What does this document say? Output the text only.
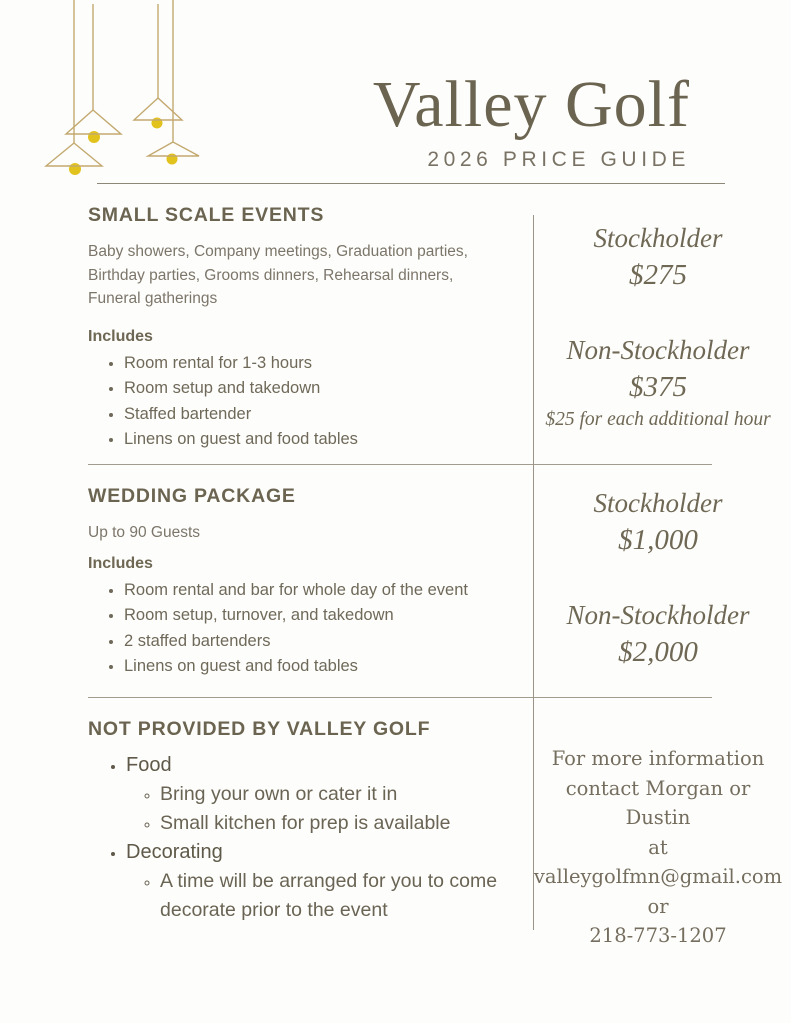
Valley Golf
2026 PRICE GUIDE
SMALL SCALE EVENTS

Baby showers, Company meetings, Graduation parties, Birthday parties, Grooms dinners, Rehearsal dinners, Funeral gatherings

Includes
• Room rental for 1-3 hours
• Room setup and takedown
• Staffed bartender
• Linens on guest and food tables
Stockholder
$275
Non-Stockholder
$375
$25 for each additional hour
WEDDING PACKAGE

Up to 90 Guests

Includes
• Room rental and bar for whole day of the event
• Room setup, turnover, and takedown
• 2 staffed bartenders
• Linens on guest and food tables
Stockholder
$1,000
Non-Stockholder
$2,000
NOT PROVIDED BY VALLEY GOLF
• Food
◦ Bring your own or cater it in
◦ Small kitchen for prep is available
• Decorating
◦ A time will be arranged for you to come decorate prior to the event
For more information
contact Morgan or Dustin
at
valleygolfmn@gmail.com
or
218-773-1207
